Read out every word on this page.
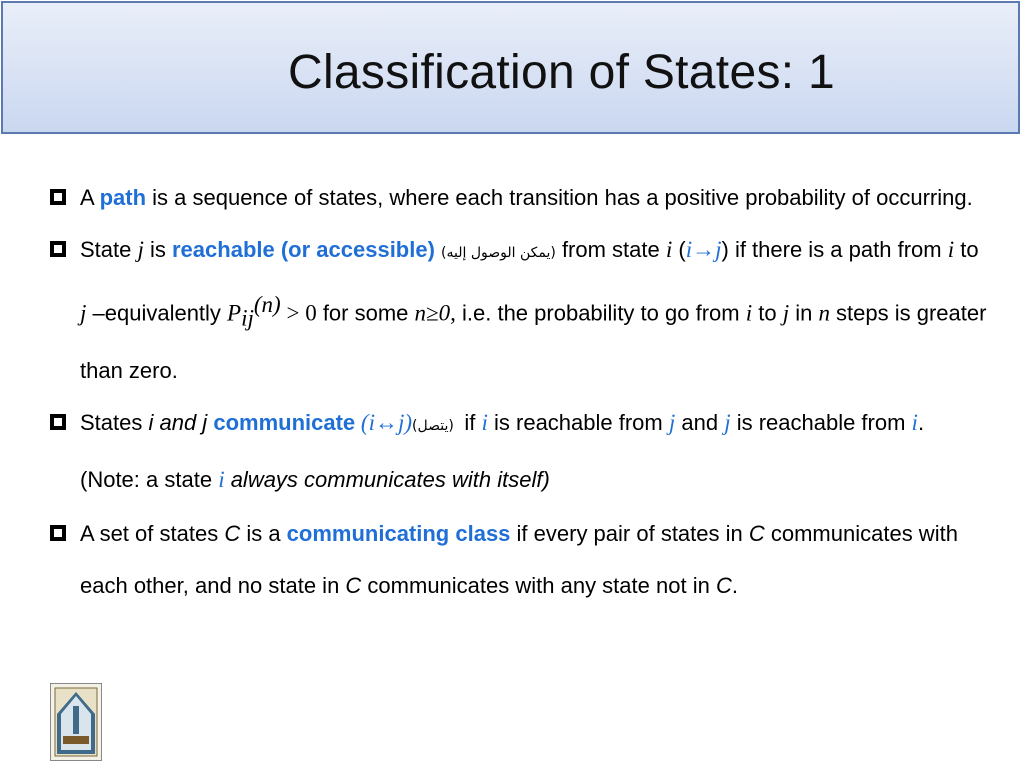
Classification of States: 1
A path is a sequence of states, where each transition has a positive probability of occurring.
State j is reachable (or accessible) (يمكن الوصول إليه) from state i (i→j) if there is a path from i to j –equivalently $P_{ij}^{(n)} > 0$ for some n≥0, i.e. the probability to go from i to j in n steps is greater than zero.
States i and j communicate (i↔j) (يتصل) if i is reachable from j and j is reachable from i.
(Note: a state i always communicates with itself)
A set of states C is a communicating class if every pair of states in C communicates with each other, and no state in C communicates with any state not in C.
